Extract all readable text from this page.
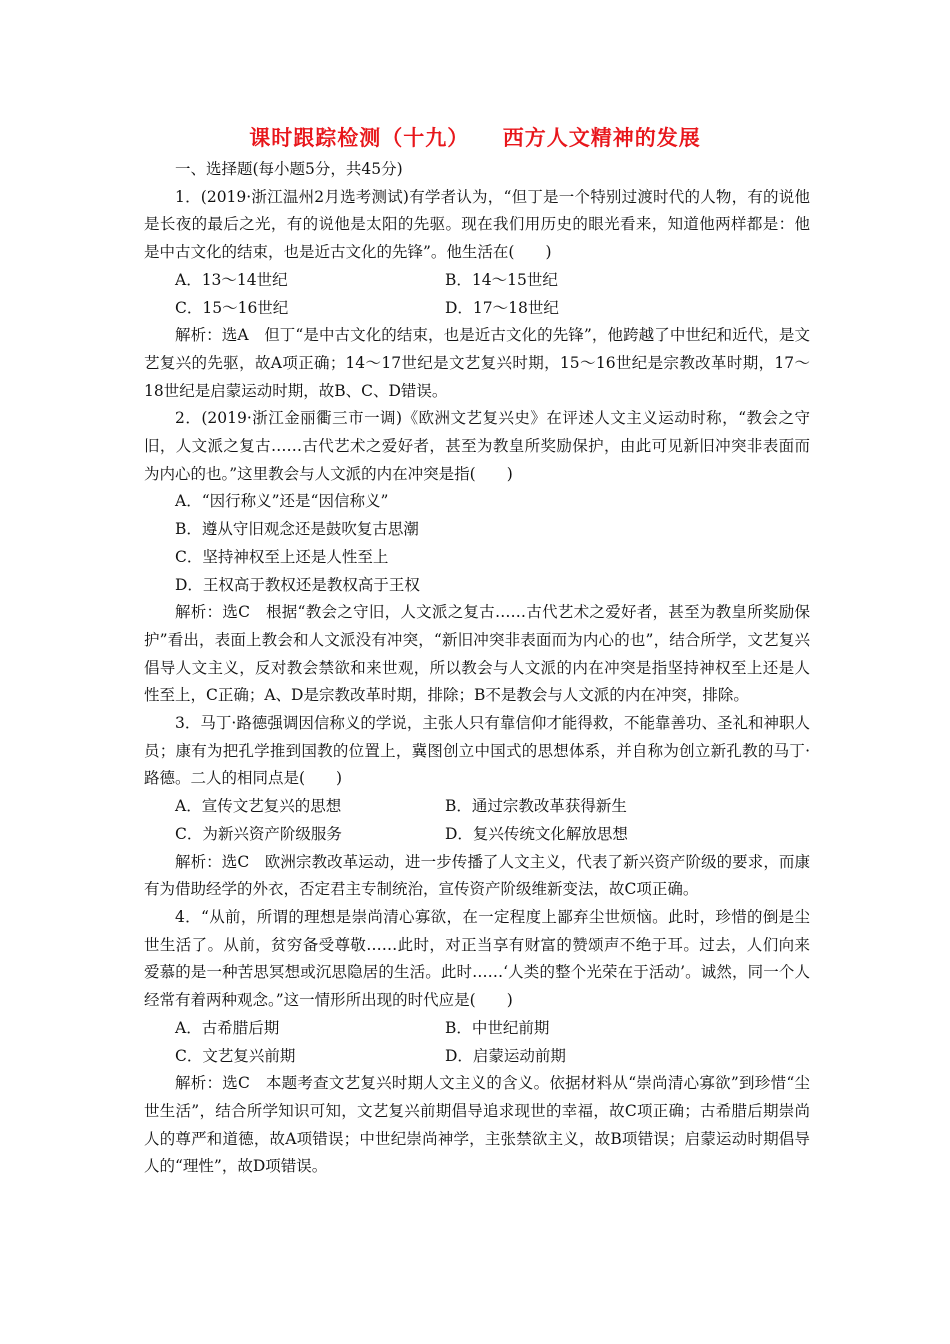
课时跟踪检测（十九）　　西方人文精神的发展

一、选择题(每小题5分，共45分)

1．(2019·浙江温州2月选考测试)有学者认为，“但丁是一个特别过渡时代的人物，有的说他是长夜的最后之光，有的说他是太阳的先驱。现在我们用历史的眼光看来，知道他两样都是：他是中古文化的结束，也是近古文化的先锋”。他生活在(　　)

A．13～14世纪	B．14～15世纪
C．15～16世纪	D．17～18世纪

解析：选A　但丁“是中古文化的结束，也是近古文化的先锋”，他跨越了中世纪和近代，是文艺复兴的先驱，故A项正确；14～17世纪是文艺复兴时期，15～16世纪是宗教改革时期，17～18世纪是启蒙运动时期，故B、C、D错误。

2．(2019·浙江金丽衢三市一调)《欧洲文艺复兴史》在评述人文主义运动时称，“教会之守旧，人文派之复古……古代艺术之爱好者，甚至为教皇所奖励保护，由此可见新旧冲突非表面而为内心的也。”这里教会与人文派的内在冲突是指(　　)

A．“因行称义”还是“因信称义”

B．遵从守旧观念还是鼓吹复古思潮

C．坚持神权至上还是人性至上

D．王权高于教权还是教权高于王权

解析：选C　根据“教会之守旧，人文派之复古……古代艺术之爱好者，甚至为教皇所奖励保护”看出，表面上教会和人文派没有冲突，“新旧冲突非表面而为内心的也”，结合所学，文艺复兴倡导人文主义，反对教会禁欲和来世观，所以教会与人文派的内在冲突是指坚持神权至上还是人性至上，C正确；A、D是宗教改革时期，排除；B不是教会与人文派的内在冲突，排除。

3．马丁·路德强调因信称义的学说，主张人只有靠信仰才能得救，不能靠善功、圣礼和神职人员；康有为把孔学推到国教的位置上，冀图创立中国式的思想体系，并自称为创立新孔教的马丁·路德。二人的相同点是(　　)

A．宣传文艺复兴的思想	B．通过宗教改革获得新生
C．为新兴资产阶级服务	D．复兴传统文化解放思想

解析：选C　欧洲宗教改革运动，进一步传播了人文主义，代表了新兴资产阶级的要求，而康有为借助经学的外衣，否定君主专制统治，宣传资产阶级维新变法，故C项正确。

4．“从前，所谓的理想是崇尚清心寡欲，在一定程度上鄙弃尘世烦恼。此时，珍惜的倒是尘世生活了。从前，贫穷备受尊敬……此时，对正当享有财富的赞颂声不绝于耳。过去，人们向来爱慕的是一种苦思冥想或沉思隐居的生活。此时……‘人类的整个光荣在于活动’。诚然，同一个人经常有着两种观念。”这一情形所出现的时代应是(　　)

A．古希腊后期	B．中世纪前期
C．文艺复兴前期	D．启蒙运动前期

解析：选C　本题考查文艺复兴时期人文主义的含义。依据材料从“崇尚清心寡欲”到珍惜“尘世生活”，结合所学知识可知，文艺复兴前期倡导追求现世的幸福，故C项正确；古希腊后期崇尚人的尊严和道德，故A项错误；中世纪崇尚神学，主张禁欲主义，故B项错误；启蒙运动时期倡导人的“理性”，故D项错误。
